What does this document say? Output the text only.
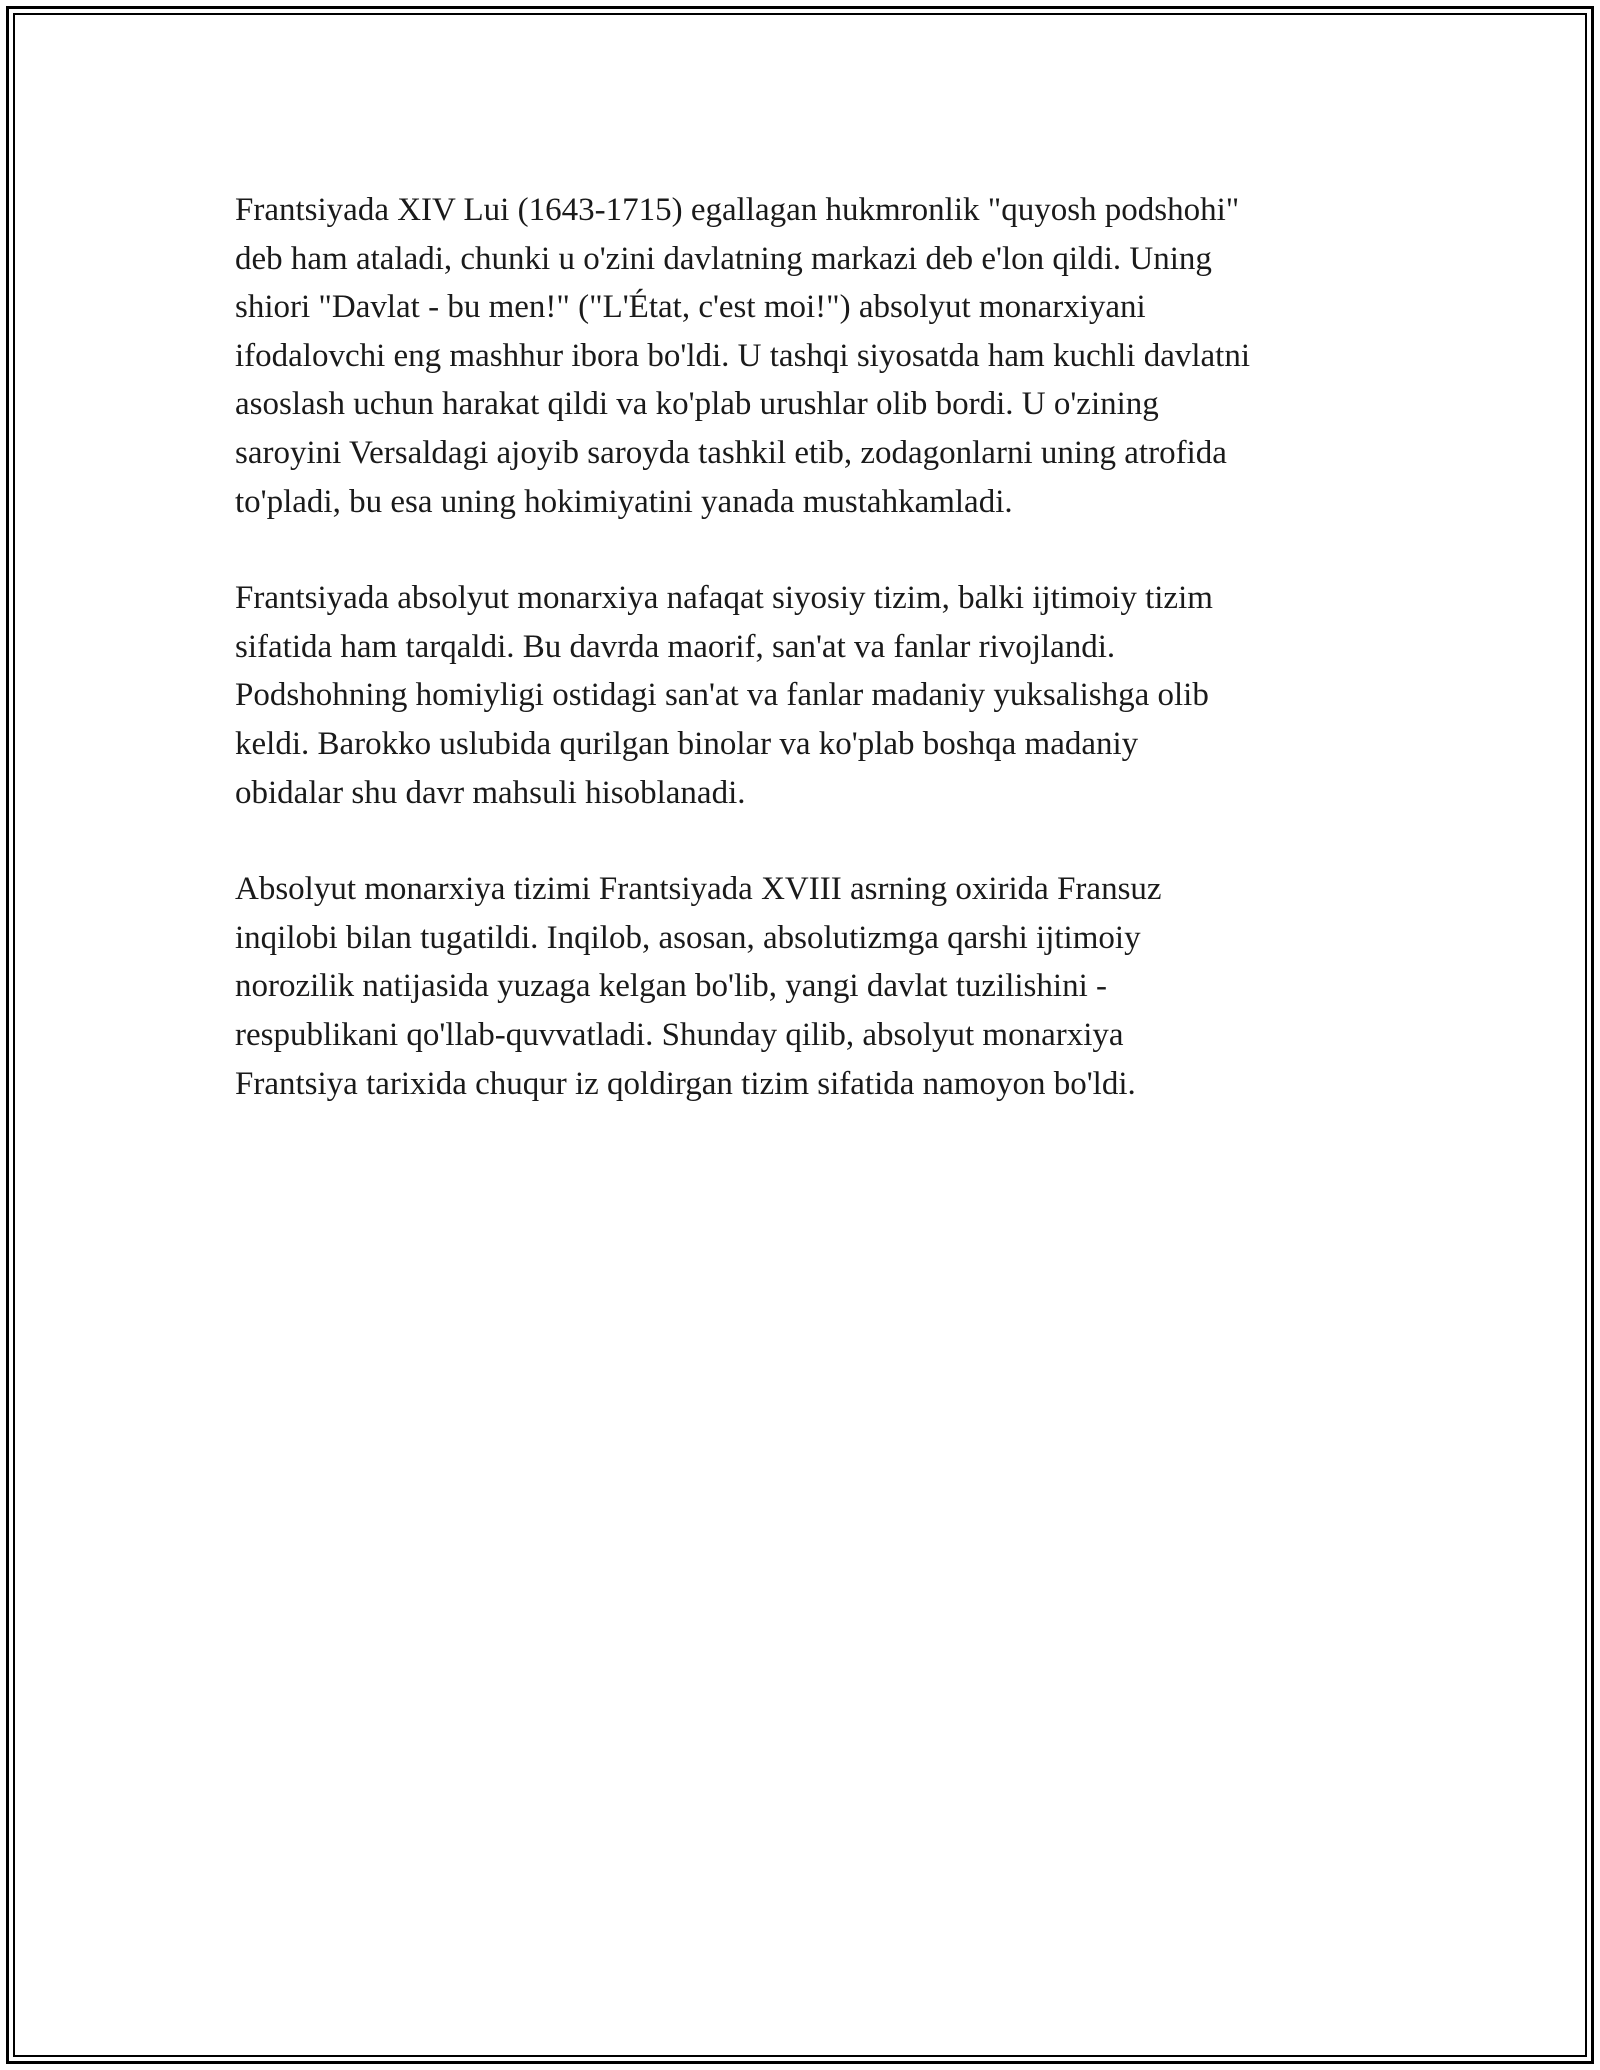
Frantsiyada XIV Lui (1643-1715) egallagan hukmronlik "quyosh podshohi"
deb ham ataladi, chunki u o'zini davlatning markazi deb e'lon qildi. Uning
shiori "Davlat - bu men!" ("L'État, c'est moi!") absolyut monarxiyani
ifodalovchi eng mashhur ibora bo'ldi. U tashqi siyosatda ham kuchli davlatni
asoslash uchun harakat qildi va ko'plab urushlar olib bordi. U o'zining
saroyini Versaldagi ajoyib saroyda tashkil etib, zodagonlarni uning atrofida
to'pladi, bu esa uning hokimiyatini yanada mustahkamladi.

Frantsiyada absolyut monarxiya nafaqat siyosiy tizim, balki ijtimoiy tizim
sifatida ham tarqaldi. Bu davrda maorif, san'at va fanlar rivojlandi.
Podshohning homiyligi ostidagi san'at va fanlar madaniy yuksalishga olib
keldi. Barokko uslubida qurilgan binolar va ko'plab boshqa madaniy
obidalar shu davr mahsuli hisoblanadi.

Absolyut monarxiya tizimi Frantsiyada XVIII asrning oxirida Fransuz
inqilobi bilan tugatildi. Inqilob, asosan, absolutizmga qarshi ijtimoiy
norozilik natijasida yuzaga kelgan bo'lib, yangi davlat tuzilishini -
respublikani qo'llab-quvvatladi. Shunday qilib, absolyut monarxiya
Frantsiya tarixida chuqur iz qoldirgan tizim sifatida namoyon bo'ldi.
